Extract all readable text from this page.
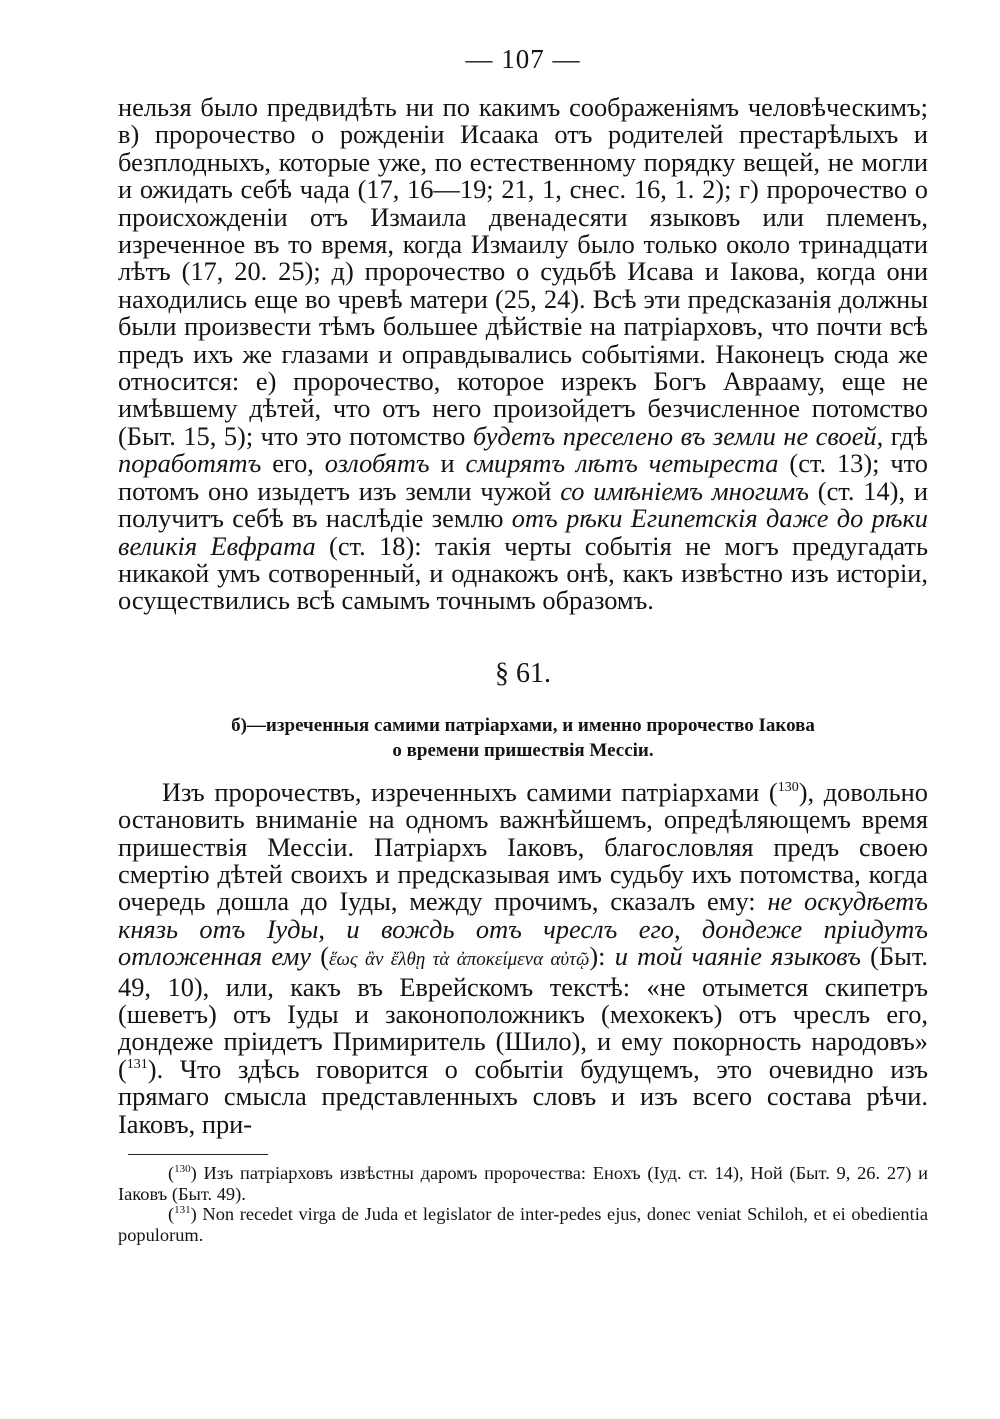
— 107 —

нельзя было предвидѣть ни по какимъ соображеніямъ человѣческимъ; в) пророчество о рожденіи Исаака отъ родителей престарѣлыхъ и безплодныхъ, которые уже, по естественному порядку вещей, не могли и ожидать себѣ чада (17, 16—19; 21, 1, снес. 16, 1. 2); г) пророчество о происхожденіи отъ Измаила двенадесяти языковъ или племенъ, изреченное въ то время, когда Измаилу было только около тринадцати лѣтъ (17, 20. 25); д) пророчество о судьбѣ Исава и Іакова, когда они находились еще во чревѣ матери (25, 24). Всѣ эти предсказанія должны были произвести тѣмъ большее дѣйствіе на патріарховъ, что почти всѣ предъ ихъ же глазами и оправдывались событіями. Наконецъ сюда же относится: е) пророчество, которое изрекъ Богъ Аврааму, еще не имѣвшему дѣтей, что отъ него произойдетъ безчисленное потомство (Быт. 15, 5); что это потомство будетъ преселено въ земли не своей, гдѣ поработятъ его, озлобятъ и смирятъ лѣтъ четыреста (ст. 13); что потомъ оно изыдетъ изъ земли чужой со имѣніемъ многимъ (ст. 14), и получитъ себѣ въ наслѣдіе землю отъ рѣки Египетскія даже до рѣки великія Евфрата (ст. 18): такія черты событія не могъ предугадать никакой умъ сотворенный, и однакожъ онѣ, какъ извѣстно изъ исторіи, осуществились всѣ самымъ точнымъ образомъ.

§ 61.
б)—изреченныя самими патріархами, и именно пророчество Іакова
о времени пришествія Мессіи.

Изъ пророчествъ, изреченныхъ самими патріархами ($^{130}$), довольно остановить вниманіе на одномъ важнѣйшемъ, опредѣляющемъ время пришествія Мессіи. Патріархъ Іаковъ, благословляя предъ своею смертію дѣтей своихъ и предсказывая имъ судьбу ихъ потомства, когда очередь дошла до Іуды, между прочимъ, сказалъ ему: не оскудѣетъ князь отъ Іуды, и вождь отъ чреслъ его, дондеже пріидутъ отложенная ему (ἕως ἂν ἔλθῃ τὰ ἀποκείμενα αὐτῷ): и той чаяніе языковъ (Быт. 49, 10), или, какъ въ Еврейскомъ текстѣ: «не отымется скипетръ (шеветъ) отъ Іуды и законоположникъ (мехокекъ) отъ чреслъ его, дондеже пріидетъ Примиритель (Шило), и ему покорность народовъ» ($^{131}$). Что здѣсь говорится о событіи будущемъ, это очевидно изъ прямаго смысла представленныхъ словъ и изъ всего состава рѣчи. Іаковъ, при-

($^{130}$) Изъ патріарховъ извѣстны даромъ пророчества: Енохъ (Іуд. ст. 14), Ной (Быт. 9, 26. 27) и Іаковъ (Быт. 49).

($^{131}$) Non recedet virga de Juda et legislator de inter-pedes ejus, donec veniat Schiloh, et ei obedientia populorum.
